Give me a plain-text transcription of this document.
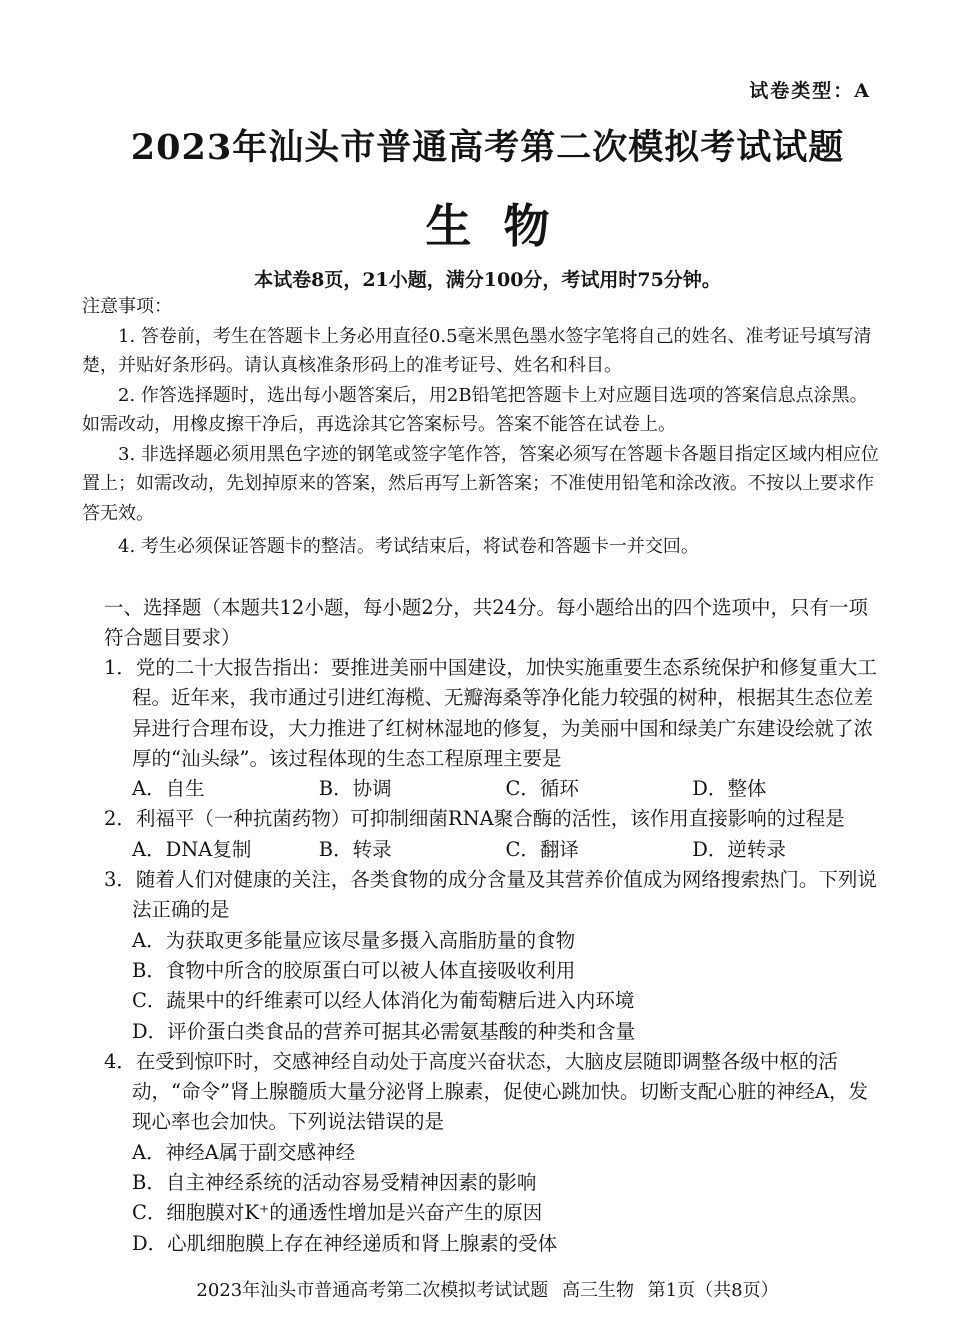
试卷类型：A
2023年汕头市普通高考第二次模拟考试试题
生  物
本试卷8页，21小题，满分100分，考试用时75分钟。

注意事项：

1. 答卷前，考生在答题卡上务必用直径0.5毫米黑色墨水签字笔将自己的姓名、准考证号填写清楚，并贴好条形码。请认真核准条形码上的准考证号、姓名和科目。

2. 作答选择题时，选出每小题答案后，用2B铅笔把答题卡上对应题目选项的答案信息点涂黑。如需改动，用橡皮擦干净后，再选涂其它答案标号。答案不能答在试卷上。

3. 非选择题必须用黑色字迹的钢笔或签字笔作答，答案必须写在答题卡各题目指定区域内相应位置上；如需改动，先划掉原来的答案，然后再写上新答案；不准使用铅笔和涂改液。不按以上要求作答无效。

4. 考生必须保证答题卡的整洁。考试结束后，将试卷和答题卡一并交回。

一、选择题（本题共12小题，每小题2分，共24分。每小题给出的四个选项中，只有一项符合题目要求）

1．党的二十大报告指出：要推进美丽中国建设，加快实施重要生态系统保护和修复重大工程。近年来，我市通过引进红海榄、无瓣海桑等净化能力较强的树种，根据其生态位差异进行合理布设，大力推进了红树林湿地的修复，为美丽中国和绿美广东建设绘就了浓厚的“汕头绿”。该过程体现的生态工程原理主要是

A．自生	B．协调	C．循环	D．整体

2．利福平（一种抗菌药物）可抑制细菌RNA聚合酶的活性，该作用直接影响的过程是

A．DNA复制	B．转录	C．翻译	D．逆转录

3．随着人们对健康的关注，各类食物的成分含量及其营养价值成为网络搜索热门。下列说法正确的是

A．为获取更多能量应该尽量多摄入高脂肪量的食物

B．食物中所含的胶原蛋白可以被人体直接吸收利用

C．蔬果中的纤维素可以经人体消化为葡萄糖后进入内环境

D．评价蛋白类食品的营养可据其必需氨基酸的种类和含量

4．在受到惊吓时，交感神经自动处于高度兴奋状态，大脑皮层随即调整各级中枢的活动，“命令”肾上腺髓质大量分泌肾上腺素，促使心跳加快。切断支配心脏的神经A，发现心率也会加快。下列说法错误的是

A．神经A属于副交感神经

B．自主神经系统的活动容易受精神因素的影响

C．细胞膜对K⁺的通透性增加是兴奋产生的原因

D．心肌细胞膜上存在神经递质和肾上腺素的受体

2023年汕头市普通高考第二次模拟考试试题 高三生物 第1页（共8页）
